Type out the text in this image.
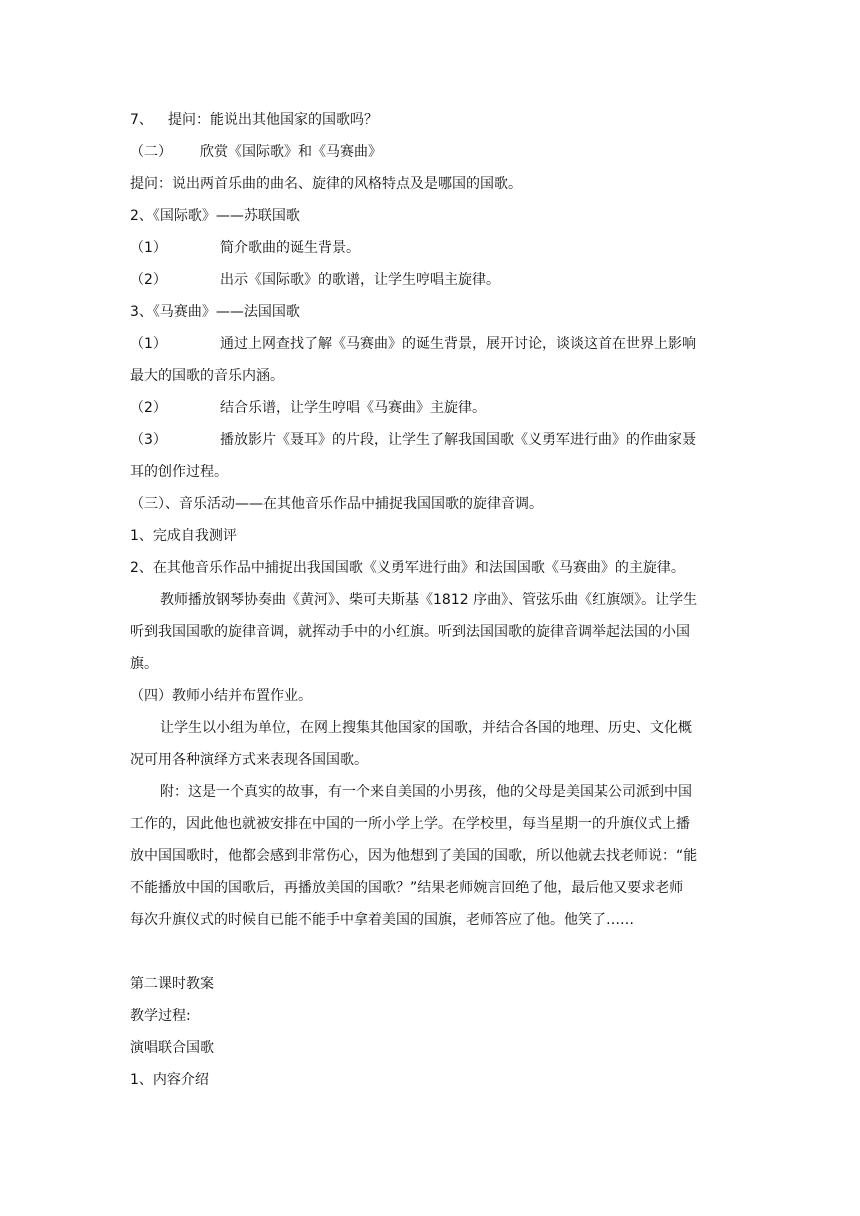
7、 提问：能说出其他国家的国歌吗？
（二） 欣赏《国际歌》和《马赛曲》
提问：说出两首乐曲的曲名、旋律的风格特点及是哪国的国歌。
2、《国际歌》——苏联国歌
（1）	简介歌曲的诞生背景。
（2）	出示《国际歌》的歌谱，让学生哼唱主旋律。
3、《马赛曲》——法国国歌
（1）	通过上网查找了解《马赛曲》的诞生背景，展开讨论，谈谈这首在世界上影响
最大的国歌的音乐内涵。
（2）	结合乐谱，让学生哼唱《马赛曲》主旋律。
（3）	播放影片《聂耳》的片段，让学生了解我国国歌《义勇军进行曲》的作曲家聂
耳的创作过程。
（三）、音乐活动——在其他音乐作品中捕捉我国国歌的旋律音调。
1、完成自我测评
2、在其他音乐作品中捕捉出我国国歌《义勇军进行曲》和法国国歌《马赛曲》的主旋律。
教师播放钢琴协奏曲《黄河》、柴可夫斯基《1812 序曲》、管弦乐曲《红旗颂》。让学生
听到我国国歌的旋律音调，就挥动手中的小红旗。听到法国国歌的旋律音调举起法国的小国
旗。
（四）教师小结并布置作业。
让学生以小组为单位，在网上搜集其他国家的国歌，并结合各国的地理、历史、文化概
况可用各种演绎方式来表现各国国歌。
附：这是一个真实的故事，有一个来自美国的小男孩，他的父母是美国某公司派到中国
工作的，因此他也就被安排在中国的一所小学上学。在学校里，每当星期一的升旗仪式上播
放中国国歌时，他都会感到非常伤心，因为他想到了美国的国歌，所以他就去找老师说：“能
不能播放中国的国歌后，再播放美国的国歌？”结果老师婉言回绝了他，最后他又要求老师
每次升旗仪式的时候自已能不能手中拿着美国的国旗，老师答应了他。他笑了……
第二课时教案
教学过程:
演唱联合国歌
1、内容介绍
